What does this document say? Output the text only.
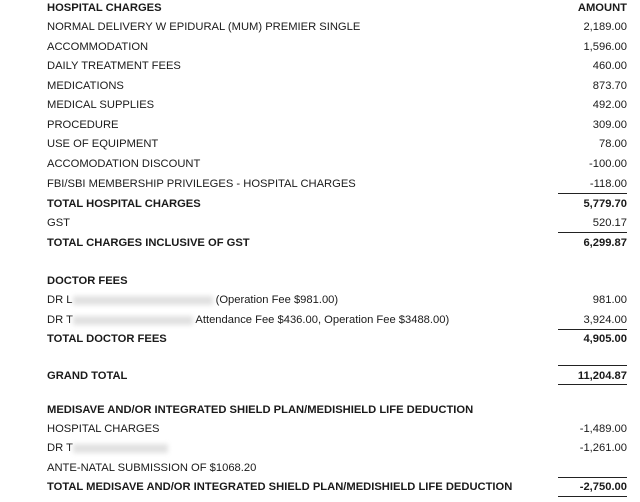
HOSPITAL CHARGES	AMOUNT
NORMAL DELIVERY W EPIDURAL (MUM) PREMIER SINGLE	2,189.00
ACCOMMODATION	1,596.00
DAILY TREATMENT FEES	460.00
MEDICATIONS	873.70
MEDICAL SUPPLIES	492.00
PROCEDURE	309.00
USE OF EQUIPMENT	78.00
ACCOMODATION DISCOUNT	-100.00
FBI/SBI MEMBERSHIP PRIVILEGES - HOSPITAL CHARGES	-118.00
TOTAL HOSPITAL CHARGES	5,779.70
GST	520.17
TOTAL CHARGES INCLUSIVE OF GST	6,299.87
DOCTOR FEES
DR L	(Operation Fee $981.00)	981.00
DR T	Attendance Fee $436.00, Operation Fee $3488.00)	3,924.00
TOTAL DOCTOR FEES	4,905.00
GRAND TOTAL	11,204.87
MEDISAVE AND/OR INTEGRATED SHIELD PLAN/MEDISHIELD LIFE DEDUCTION
HOSPITAL CHARGES	-1,489.00
DR T	-1,261.00
ANTE-NATAL SUBMISSION OF $1068.20
TOTAL MEDISAVE AND/OR INTEGRATED SHIELD PLAN/MEDISHIELD LIFE DEDUCTION	-2,750.00
